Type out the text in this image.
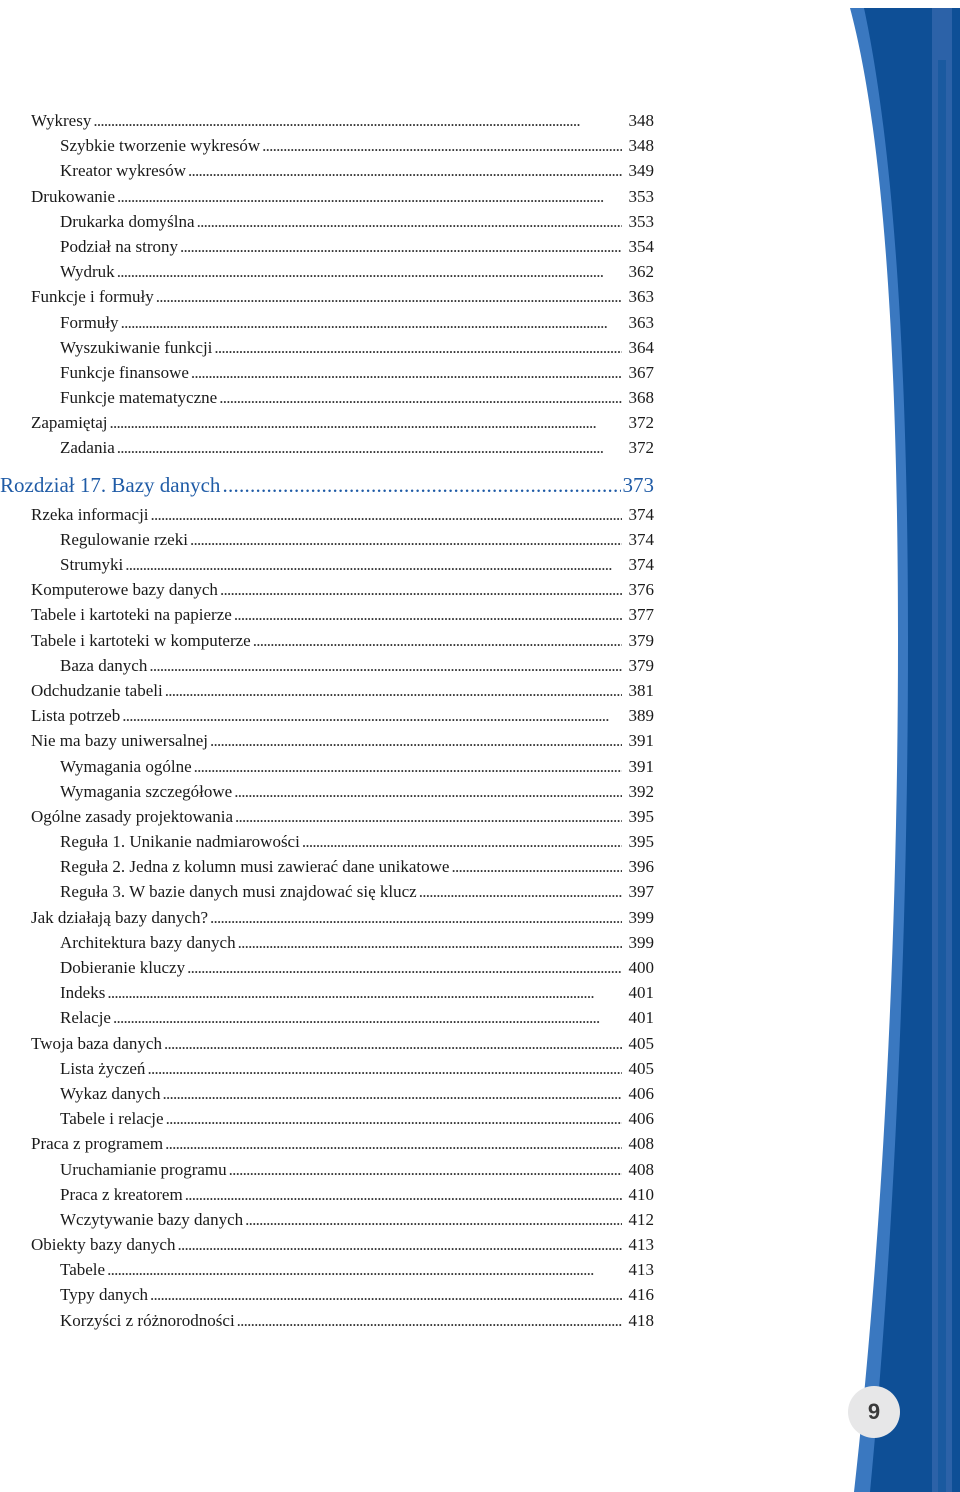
Wykresy . . .	348
Szybkie tworzenie wykresów . . .	348
Kreator wykresów . . .	349
Drukowanie . . .	353
Drukarka domyślna . . .	353
Podział na strony . . .	354
Wydruk . . .	362
Funkcje i formuły . . .	363
Formuły . . .	363
Wyszukiwanie funkcji . . .	364
Funkcje finansowe . . .	367
Funkcje matematyczne . . .	368
Zapamiętaj . . .	372
Zadania . . .	372
Rozdział 17. Bazy danych . . .	373
Rzeka informacji . . .	374
Regulowanie rzeki . . .	374
Strumyki . . .	374
Komputerowe bazy danych . . .	376
Tabele i kartoteki na papierze . . .	377
Tabele i kartoteki w komputerze . . .	379
Baza danych . . .	379
Odchudzanie tabeli . . .	381
Lista potrzeb . . .	389
Nie ma bazy uniwersalnej . . .	391
Wymagania ogólne . . .	391
Wymagania szczegółowe . . .	392
Ogólne zasady projektowania . . .	395
Reguła 1. Unikanie nadmiarowości . . .	395
Reguła 2. Jedna z kolumn musi zawierać dane unikatowe . . .	396
Reguła 3. W bazie danych musi znajdować się klucz . . .	397
Jak działają bazy danych? . . .	399
Architektura bazy danych . . .	399
Dobieranie kluczy . . .	400
Indeks . . .	401
Relacje . . .	401
Twoja baza danych . . .	405
Lista życzeń . . .	405
Wykaz danych . . .	406
Tabele i relacje . . .	406
Praca z programem . . .	408
Uruchamianie programu . . .	408
Praca z kreatorem . . .	410
Wczytywanie bazy danych . . .	412
Obiekty bazy danych . . .	413
Tabele . . .	413
Typy danych . . .	416
Korzyści z różnorodności . . .	418
9
